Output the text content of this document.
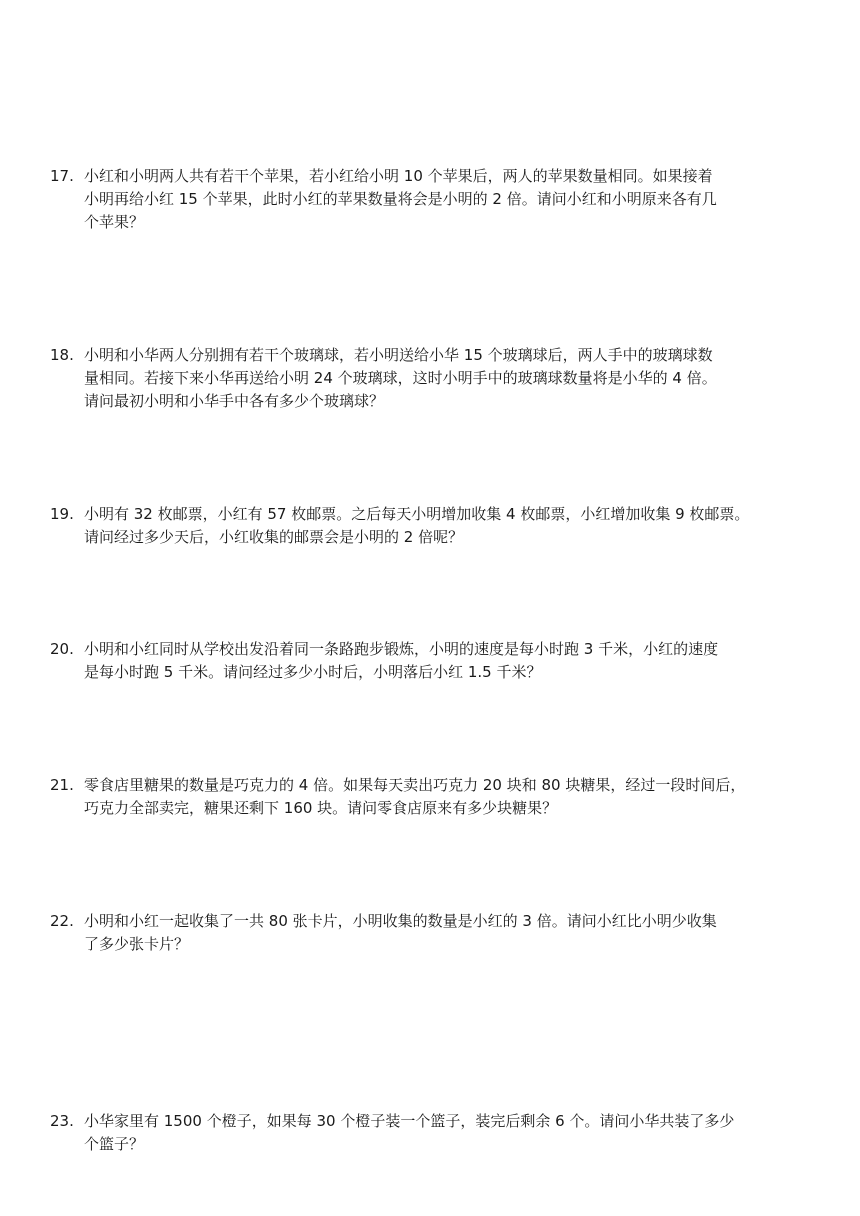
17. 小红和小明两人共有若干个苹果，若小红给小明 10 个苹果后，两人的苹果数量相同。如果接着
小明再给小红 15 个苹果，此时小红的苹果数量将会是小明的 2 倍。请问小红和小明原来各有几
个苹果？
18. 小明和小华两人分别拥有若干个玻璃球，若小明送给小华 15 个玻璃球后，两人手中的玻璃球数
量相同。若接下来小华再送给小明 24 个玻璃球，这时小明手中的玻璃球数量将是小华的 4 倍。
请问最初小明和小华手中各有多少个玻璃球？
19. 小明有 32 枚邮票，小红有 57 枚邮票。之后每天小明增加收集 4 枚邮票，小红增加收集 9 枚邮票。
请问经过多少天后，小红收集的邮票会是小明的 2 倍呢？
20. 小明和小红同时从学校出发沿着同一条路跑步锻炼，小明的速度是每小时跑 3 千米，小红的速度
是每小时跑 5 千米。请问经过多少小时后，小明落后小红 1.5 千米？
21. 零食店里糖果的数量是巧克力的 4 倍。如果每天卖出巧克力 20 块和 80 块糖果，经过一段时间后，
巧克力全部卖完，糖果还剩下 160 块。请问零食店原来有多少块糖果？
22. 小明和小红一起收集了一共 80 张卡片，小明收集的数量是小红的 3 倍。请问小红比小明少收集
了多少张卡片？
23. 小华家里有 1500 个橙子，如果每 30 个橙子装一个篮子，装完后剩余 6 个。请问小华共装了多少
个篮子？
